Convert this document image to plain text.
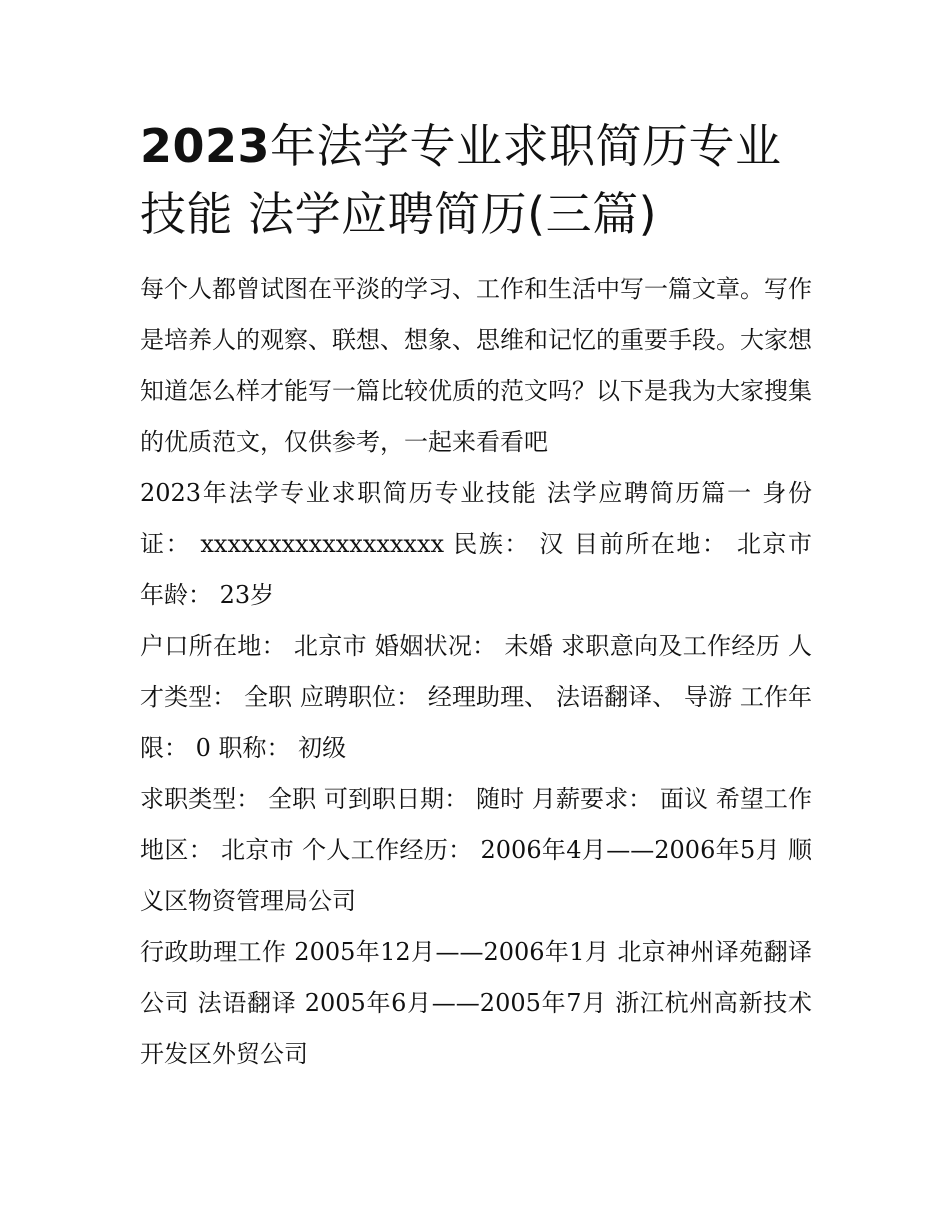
2023年法学专业求职简历专业技能 法学应聘简历(三篇)

每个人都曾试图在平淡的学习、工作和生活中写一篇文章。写作是培养人的观察、联想、想象、思维和记忆的重要手段。大家想知道怎么样才能写一篇比较优质的范文吗？以下是我为大家搜集的优质范文，仅供参考，一起来看看吧

2023年法学专业求职简历专业技能 法学应聘简历篇一 身份证： xxxxxxxxxxxxxxxxxx 民族： 汉 目前所在地： 北京市 年龄： 23岁

户口所在地： 北京市 婚姻状况： 未婚 求职意向及工作经历 人才类型： 全职 应聘职位： 经理助理、 法语翻译、 导游 工作年限： 0 职称： 初级

求职类型： 全职 可到职日期： 随时 月薪要求： 面议 希望工作地区： 北京市 个人工作经历： 2006年4月——2006年5月 顺义区物资管理局公司

行政助理工作 2005年12月——2006年1月 北京神州译苑翻译公司 法语翻译 2005年6月——2005年7月 浙江杭州高新技术开发区外贸公司
